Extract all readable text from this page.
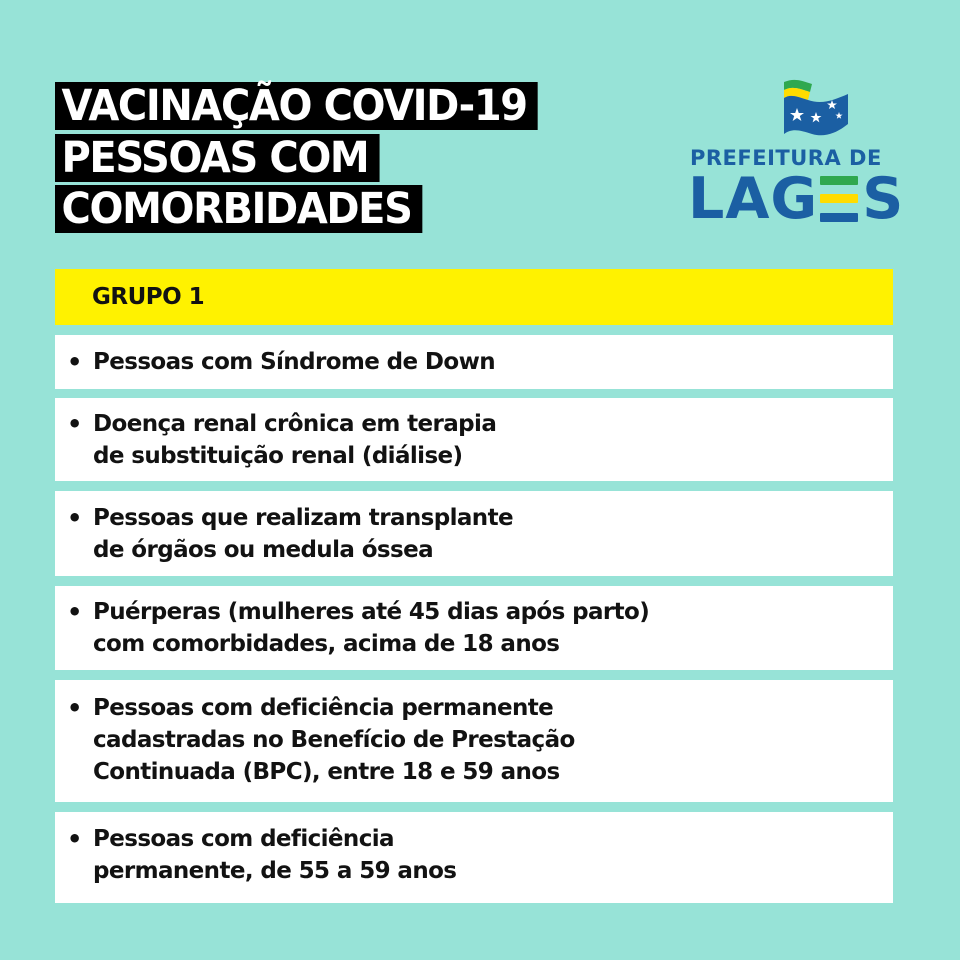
VACINAÇÃO COVID-19
PESSOAS COM
COMORBIDADES
PREFEITURA DE
LAG S
GRUPO 1
• Pessoas com Síndrome de Down
• Doença renal crônica em terapia
de substituição renal (diálise)
• Pessoas que realizam transplante
de órgãos ou medula óssea
• Puérperas (mulheres até 45 dias após parto)
com comorbidades, acima de 18 anos
• Pessoas com deficiência permanente
cadastradas no Benefício de Prestação
Continuada (BPC), entre 18 e 59 anos
• Pessoas com deficiência
permanente, de 55 a 59 anos
